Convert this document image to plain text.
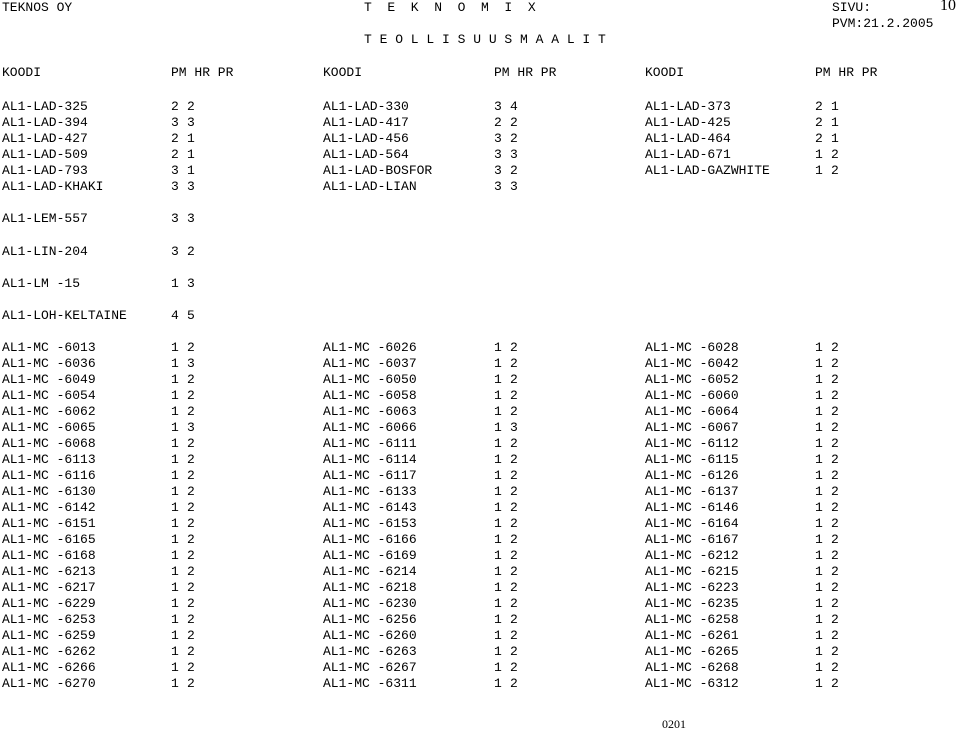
TEKNOS OY	T  E  K  N  O  M  I  X	SIVU:	10
PVM:21.2.2005
T E O L L I S U U S M A A L I T
KOODI	PM HR PR	KOODI	PM HR PR	KOODI	PM HR PR
AL1-LAD-325	2 2	AL1-LAD-330	3 4	AL1-LAD-373	2 1
AL1-LAD-394	3 3	AL1-LAD-417	2 2	AL1-LAD-425	2 1
AL1-LAD-427	2 1	AL1-LAD-456	3 2	AL1-LAD-464	2 1
AL1-LAD-509	2 1	AL1-LAD-564	3 3	AL1-LAD-671	1 2
AL1-LAD-793	3 1	AL1-LAD-BOSFOR	3 2	AL1-LAD-GAZWHITE	1 2
AL1-LAD-KHAKI	3 3	AL1-LAD-LIAN	3 3
AL1-LEM-557	3 3
AL1-LIN-204	3 2
AL1-LM -15	1 3
AL1-LOH-KELTAINE	4 5
AL1-MC -6013	1 2	AL1-MC -6026	1 2	AL1-MC -6028	1 2
AL1-MC -6036	1 3	AL1-MC -6037	1 2	AL1-MC -6042	1 2
AL1-MC -6049	1 2	AL1-MC -6050	1 2	AL1-MC -6052	1 2
AL1-MC -6054	1 2	AL1-MC -6058	1 2	AL1-MC -6060	1 2
AL1-MC -6062	1 2	AL1-MC -6063	1 2	AL1-MC -6064	1 2
AL1-MC -6065	1 3	AL1-MC -6066	1 3	AL1-MC -6067	1 2
AL1-MC -6068	1 2	AL1-MC -6111	1 2	AL1-MC -6112	1 2
AL1-MC -6113	1 2	AL1-MC -6114	1 2	AL1-MC -6115	1 2
AL1-MC -6116	1 2	AL1-MC -6117	1 2	AL1-MC -6126	1 2
AL1-MC -6130	1 2	AL1-MC -6133	1 2	AL1-MC -6137	1 2
AL1-MC -6142	1 2	AL1-MC -6143	1 2	AL1-MC -6146	1 2
AL1-MC -6151	1 2	AL1-MC -6153	1 2	AL1-MC -6164	1 2
AL1-MC -6165	1 2	AL1-MC -6166	1 2	AL1-MC -6167	1 2
AL1-MC -6168	1 2	AL1-MC -6169	1 2	AL1-MC -6212	1 2
AL1-MC -6213	1 2	AL1-MC -6214	1 2	AL1-MC -6215	1 2
AL1-MC -6217	1 2	AL1-MC -6218	1 2	AL1-MC -6223	1 2
AL1-MC -6229	1 2	AL1-MC -6230	1 2	AL1-MC -6235	1 2
AL1-MC -6253	1 2	AL1-MC -6256	1 2	AL1-MC -6258	1 2
AL1-MC -6259	1 2	AL1-MC -6260	1 2	AL1-MC -6261	1 2
AL1-MC -6262	1 2	AL1-MC -6263	1 2	AL1-MC -6265	1 2
AL1-MC -6266	1 2	AL1-MC -6267	1 2	AL1-MC -6268	1 2
AL1-MC -6270	1 2	AL1-MC -6311	1 2	AL1-MC -6312	1 2
0201
